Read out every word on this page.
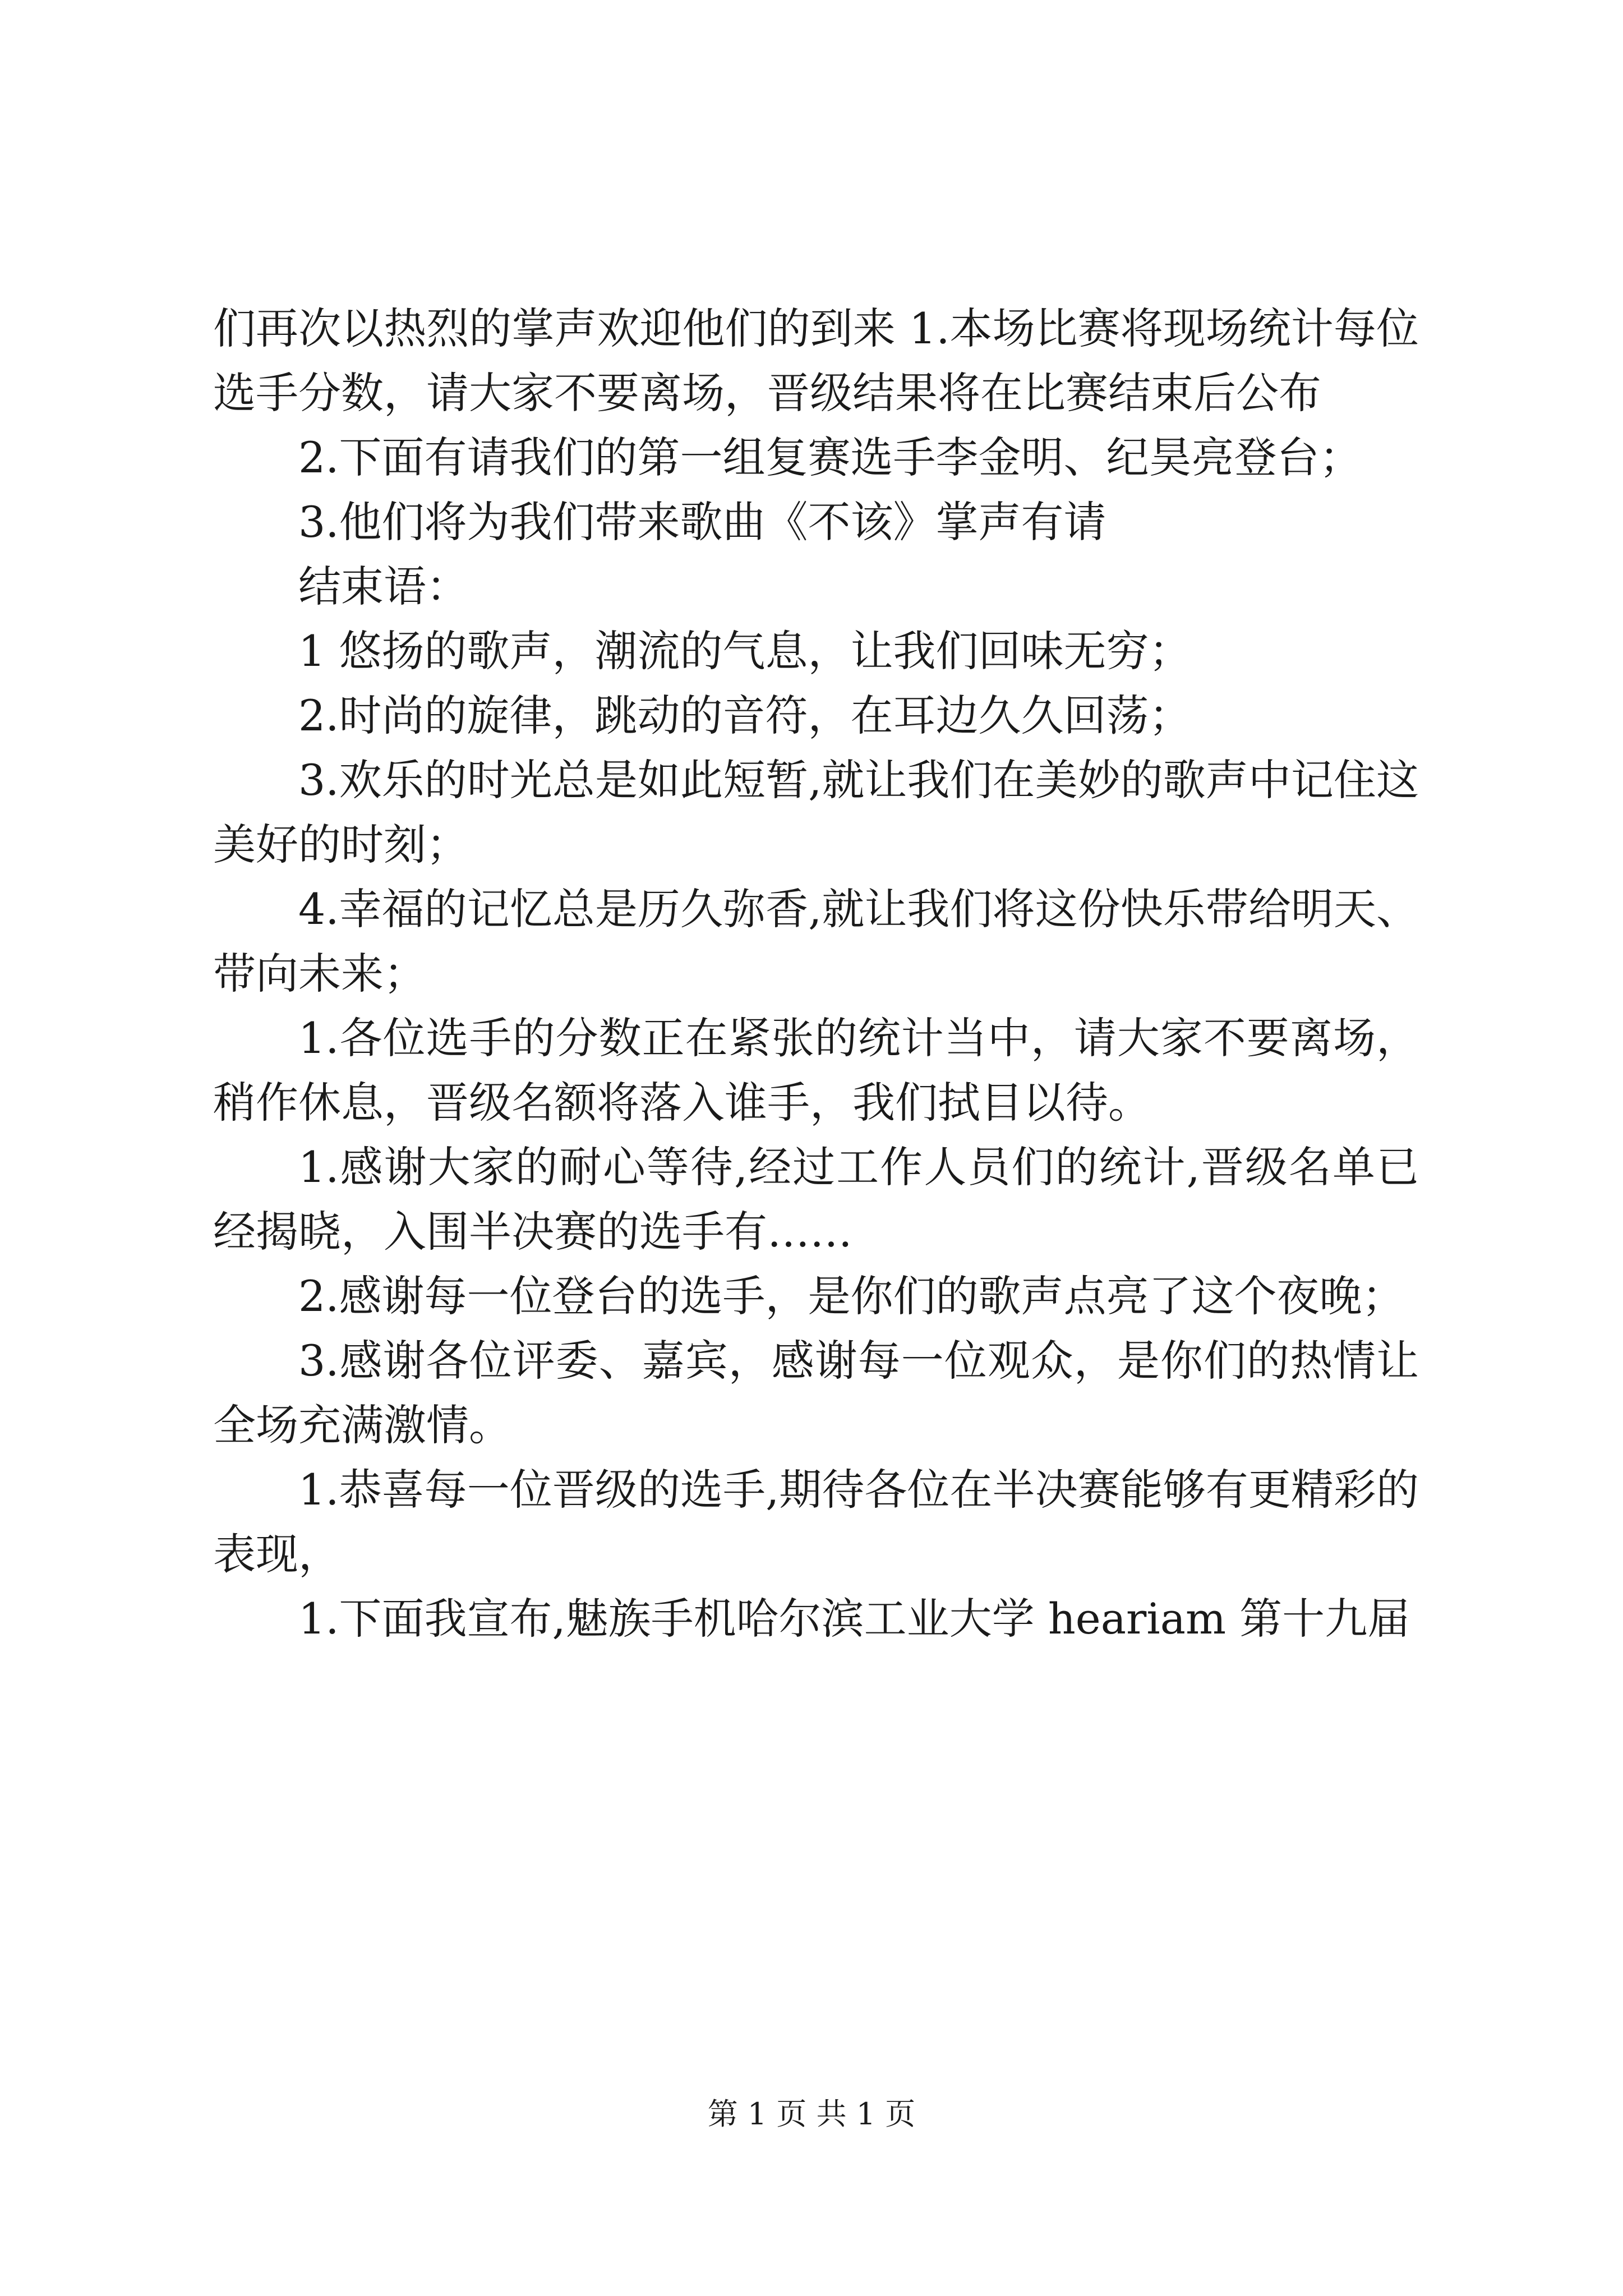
们再次以热烈的掌声欢迎他们的到来 1.本场比赛将现场统计每位选手分数，请大家不要离场，晋级结果将在比赛结束后公布

2.下面有请我们的第一组复赛选手李金明、纪昊亮登台；

3.他们将为我们带来歌曲《不该》掌声有请

结束语：

1 悠扬的歌声，潮流的气息，让我们回味无穷；

2.时尚的旋律，跳动的音符，在耳边久久回荡；

3.欢乐的时光总是如此短暂,就让我们在美妙的歌声中记住这美好的时刻；

4.幸福的记忆总是历久弥香,就让我们将这份快乐带给明天、带向未来；

1.各位选手的分数正在紧张的统计当中，请大家不要离场，稍作休息，晋级名额将落入谁手，我们拭目以待。

1.感谢大家的耐心等待,经过工作人员们的统计,晋级名单已经揭晓，入围半决赛的选手有……

2.感谢每一位登台的选手，是你们的歌声点亮了这个夜晚；

3.感谢各位评委、嘉宾，感谢每一位观众，是你们的热情让全场充满激情。

1.恭喜每一位晋级的选手,期待各位在半决赛能够有更精彩的表现，

1.下面我宣布,魅族手机哈尔滨工业大学 heariam 第十九届

第 1 页 共 1 页
